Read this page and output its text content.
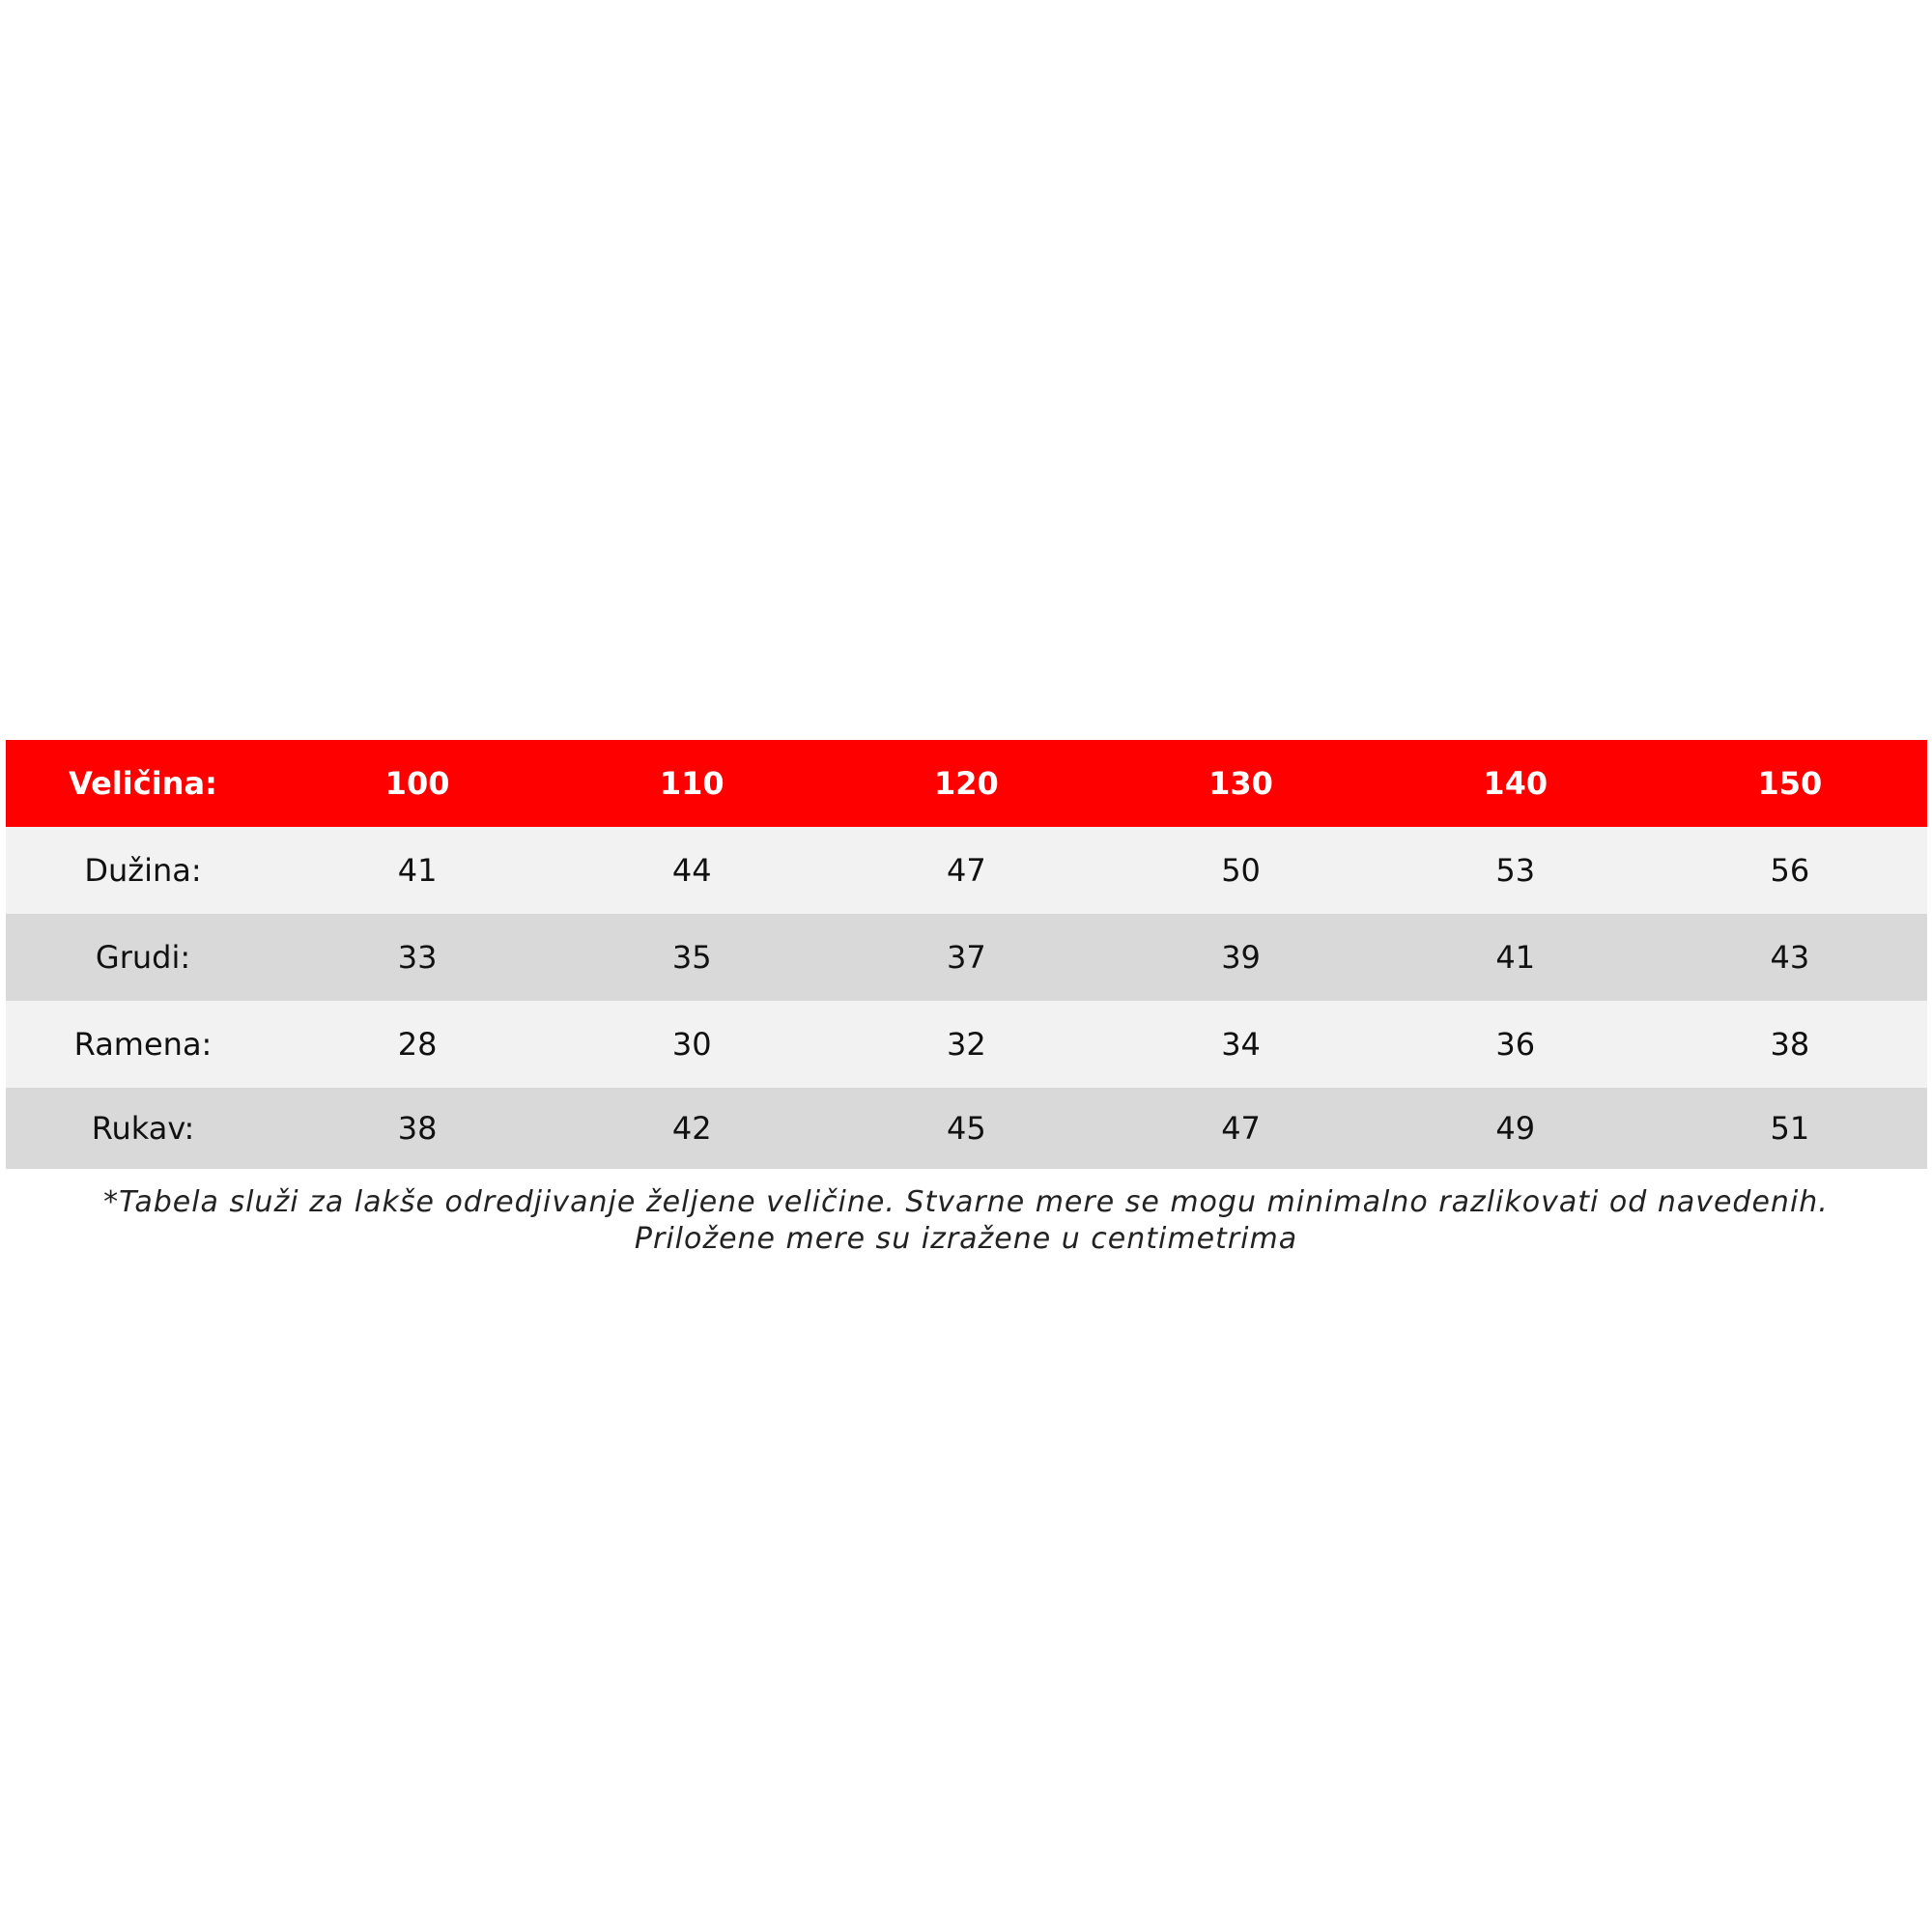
Veličina:	100	110	120	130	140	150
Dužina:	41	44	47	50	53	56
Grudi:	33	35	37	39	41	43
Ramena:	28	30	32	34	36	38
Rukav:	38	42	45	47	49	51
*Tabela služi za lakše odredjivanje željene veličine. Stvarne mere se mogu minimalno razlikovati od navedenih.
Priložene mere su izražene u centimetrima
